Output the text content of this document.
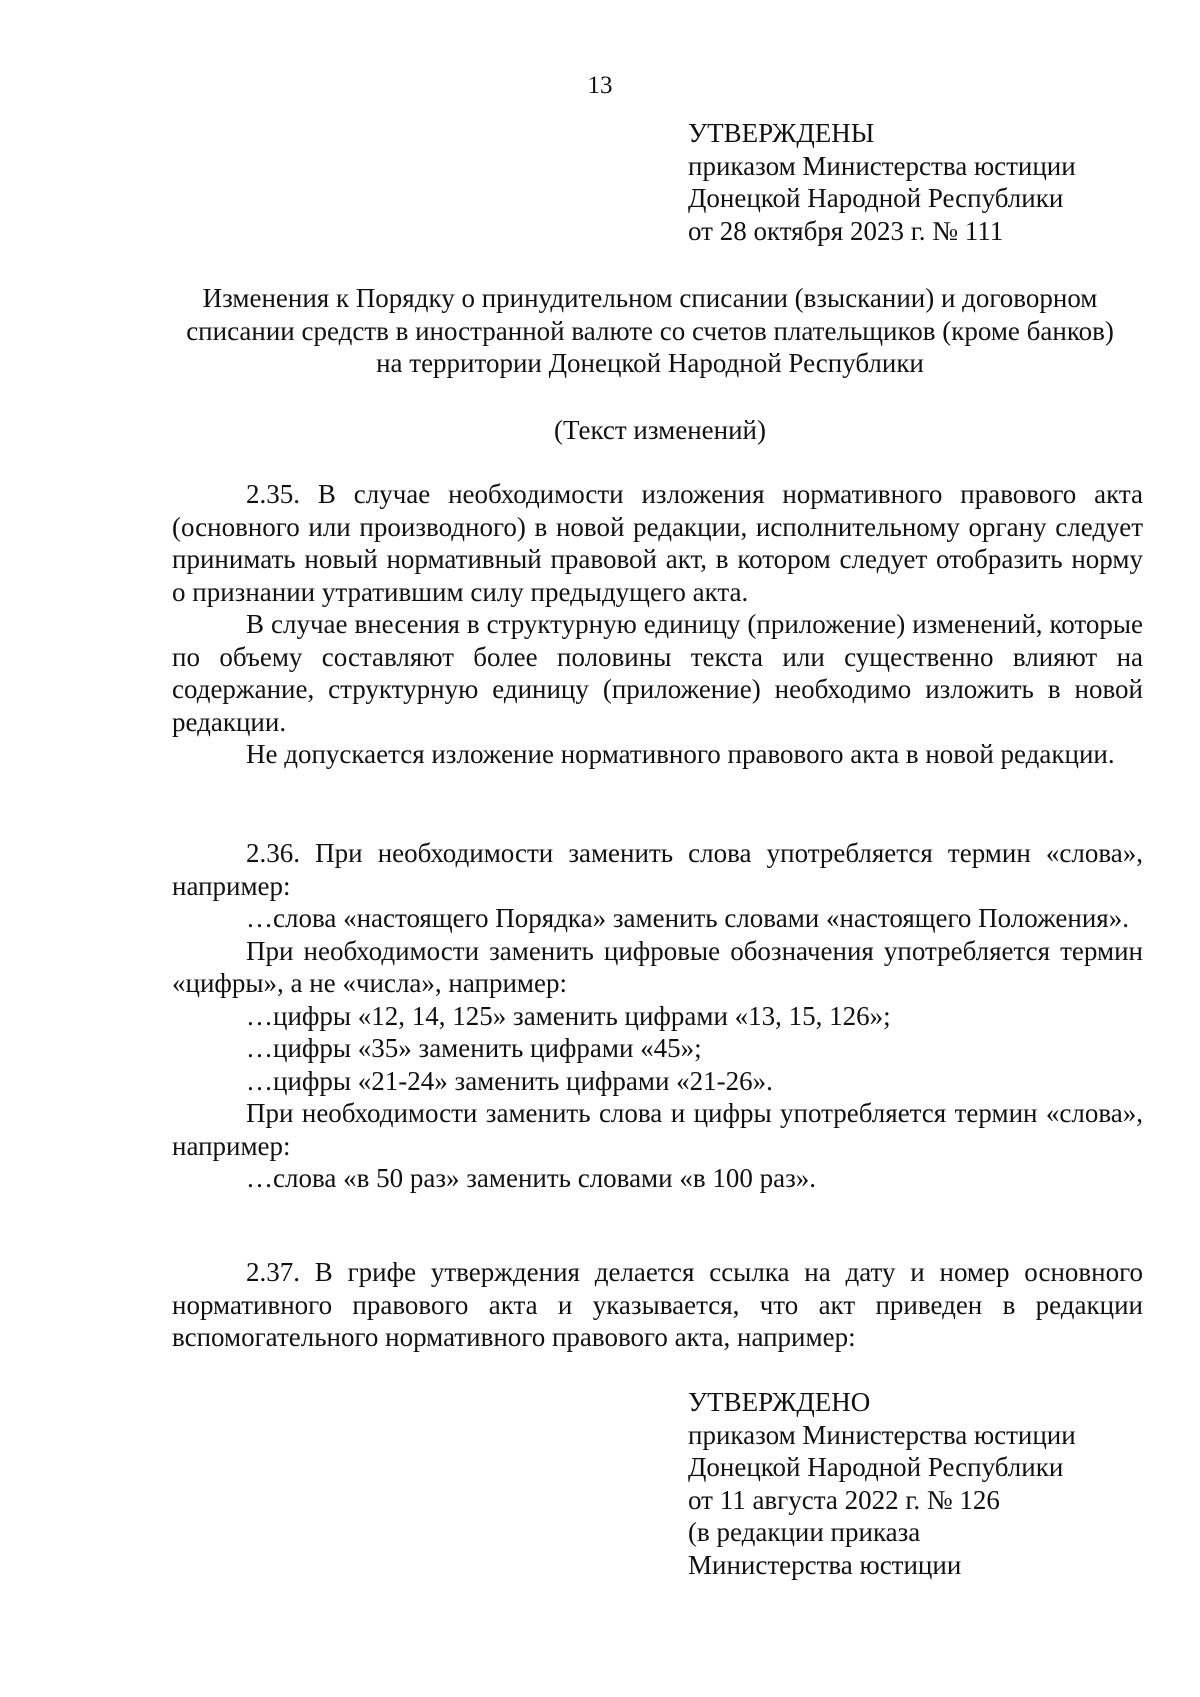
13
УТВЕРЖДЕНЫ
приказом Министерства юстиции
Донецкой Народной Республики
от 28 октября 2023 г. № 111
Изменения к Порядку о принудительном списании (взыскании) и договорном списании средств в иностранной валюте со счетов плательщиков (кроме банков) на территории Донецкой Народной Республики
(Текст изменений)

2.35. В случае необходимости изложения нормативного правового акта (основного или производного) в новой редакции, исполнительному органу следует принимать новый нормативный правовой акт, в котором следует отобразить норму о признании утратившим силу предыдущего акта.

В случае внесения в структурную единицу (приложение) изменений, которые по объему составляют более половины текста или существенно влияют на содержание, структурную единицу (приложение) необходимо изложить в новой редакции.

Не допускается изложение нормативного правового акта в новой редакции.

2.36. При необходимости заменить слова употребляется термин «слова», например:

…слова «настоящего Порядка» заменить словами «настоящего Положения».

При необходимости заменить цифровые обозначения употребляется термин «цифры», а не «числа», например:

…цифры «12, 14, 125» заменить цифрами «13, 15, 126»;

…цифры «35» заменить цифрами «45»;

…цифры «21-24» заменить цифрами «21-26».

При необходимости заменить слова и цифры употребляется термин «слова», например:

…слова «в 50 раз» заменить словами «в 100 раз».

2.37. В грифе утверждения делается ссылка на дату и номер основного нормативного правового акта и указывается, что акт приведен в редакции вспомогательного нормативного правового акта, например:

УТВЕРЖДЕНО
приказом Министерства юстиции
Донецкой Народной Республики
от 11 августа 2022 г. № 126
(в редакции приказа
Министерства юстиции
